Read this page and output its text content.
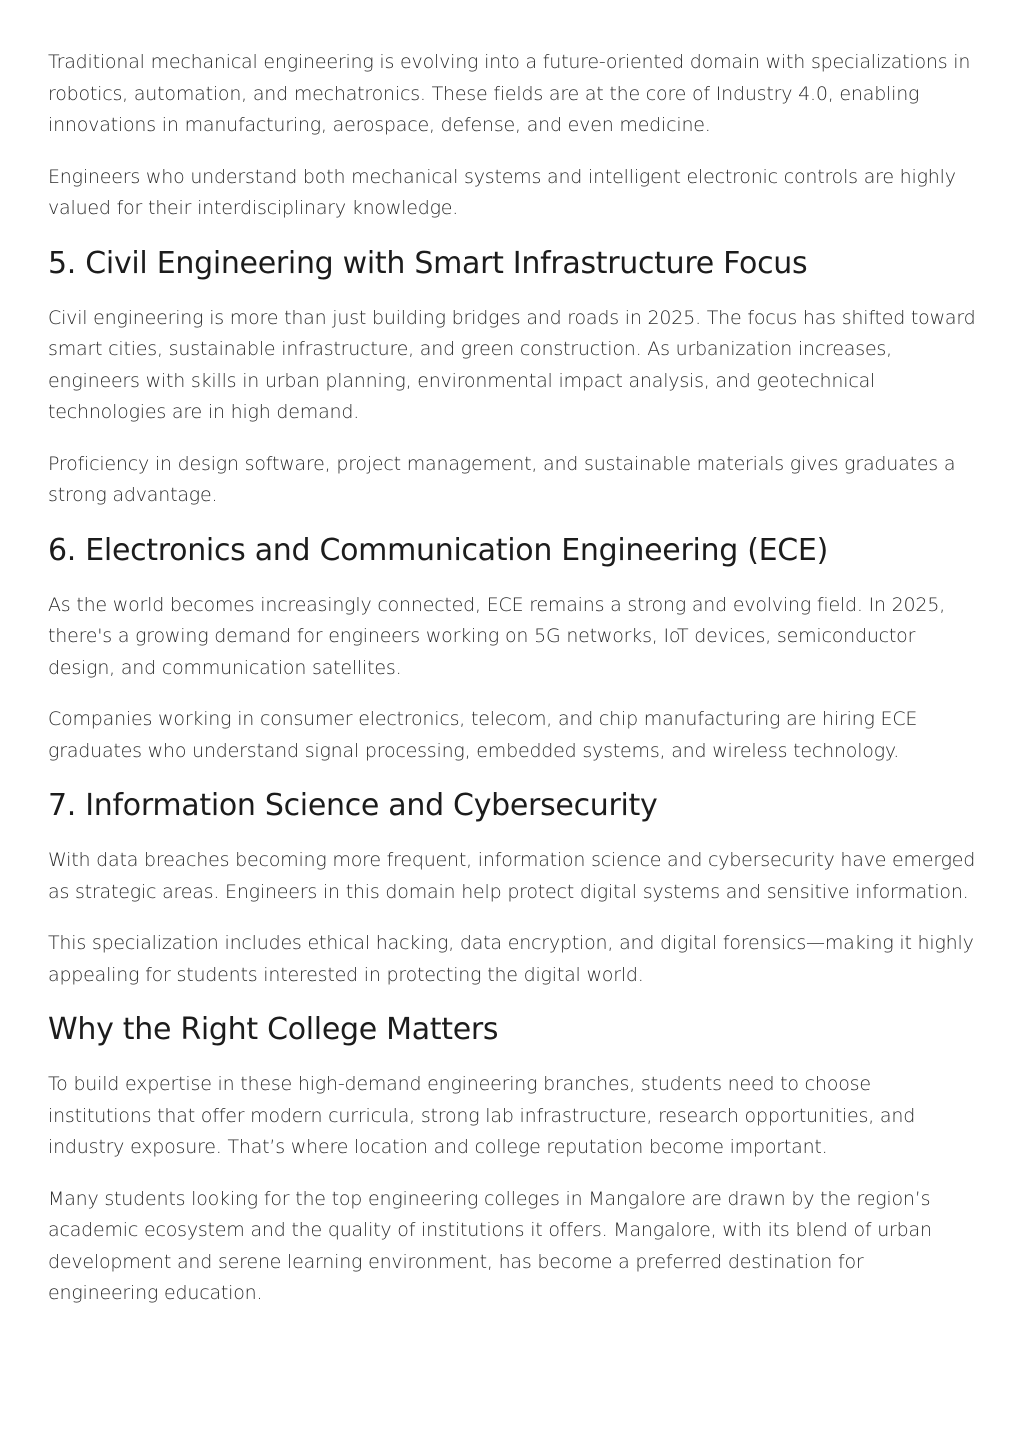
Traditional mechanical engineering is evolving into a future-oriented domain with specializations in robotics, automation, and mechatronics. These fields are at the core of Industry 4.0, enabling innovations in manufacturing, aerospace, defense, and even medicine.

Engineers who understand both mechanical systems and intelligent electronic controls are highly valued for their interdisciplinary knowledge.

5. Civil Engineering with Smart Infrastructure Focus

Civil engineering is more than just building bridges and roads in 2025. The focus has shifted toward smart cities, sustainable infrastructure, and green construction. As urbanization increases, engineers with skills in urban planning, environmental impact analysis, and geotechnical technologies are in high demand.

Proficiency in design software, project management, and sustainable materials gives graduates a strong advantage.

6. Electronics and Communication Engineering (ECE)

As the world becomes increasingly connected, ECE remains a strong and evolving field. In 2025, there's a growing demand for engineers working on 5G networks, IoT devices, semiconductor design, and communication satellites.

Companies working in consumer electronics, telecom, and chip manufacturing are hiring ECE graduates who understand signal processing, embedded systems, and wireless technology.

7. Information Science and Cybersecurity

With data breaches becoming more frequent, information science and cybersecurity have emerged as strategic areas. Engineers in this domain help protect digital systems and sensitive information.

This specialization includes ethical hacking, data encryption, and digital forensics—making it highly appealing for students interested in protecting the digital world.

Why the Right College Matters

To build expertise in these high-demand engineering branches, students need to choose institutions that offer modern curricula, strong lab infrastructure, research opportunities, and industry exposure. That’s where location and college reputation become important.

Many students looking for the top engineering colleges in Mangalore are drawn by the region’s academic ecosystem and the quality of institutions it offers. Mangalore, with its blend of urban development and serene learning environment, has become a preferred destination for engineering education.
